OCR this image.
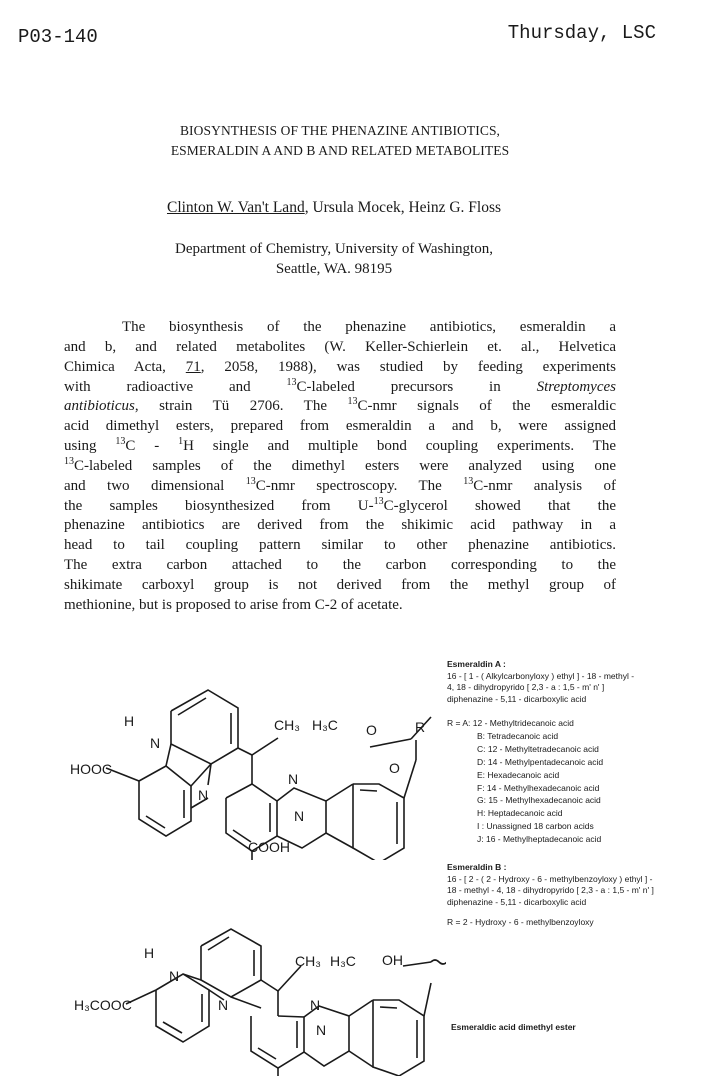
P03-140	Thursday, LSC
BIOSYNTHESIS OF THE PHENAZINE ANTIBIOTICS,
ESMERALDIN A AND B AND RELATED METABOLITES
Clinton W. Van't Land, Ursula Mocek, Heinz G. Floss
Department of Chemistry, University of Washington,
Seattle, WA. 98195
The biosynthesis of the phenazine antibiotics, esmeraldin a
and b, and related metabolites (W. Keller-Schierlein et. al., Helvetica
Chimica Acta, 71, 2058, 1988), was studied by feeding experiments
with radioactive and $^{13}$C-labeled precursors in Streptomyces
antibioticus, strain Tü 2706. The $^{13}$C-nmr signals of the esmeraldic
acid dimethyl esters, prepared from esmeraldin a and b, were assigned
using $^{13}$C - $^1$H single and multiple bond coupling experiments. The
$^{13}$C-labeled samples of the dimethyl esters were analyzed using one
and two dimensional $^{13}$C-nmr spectroscopy. The $^{13}$C-nmr analysis of
the samples biosynthesized from U-$^{13}$C-glycerol showed that the
phenazine antibiotics are derived from the shikimic acid pathway in a
head to tail coupling pattern similar to other phenazine antibiotics.
The extra carbon attached to the carbon corresponding to the
shikimate carboxyl group is not derived from the methyl group of
methionine, but is proposed to arise from C-2 of acetate.
Esmeraldin A :
16 - [ 1 - ( Alkylcarbonyloxy ) ethyl ] - 18 - methyl -
4, 18 - dihydropyrido [ 2,3 - a : 1,5 - m' n' ]
diphenazine - 5,11 - dicarboxylic acid
R = A: 12 - Methyltridecanoic acid
B: Tetradecanoic acid
C: 12 - Methyltetradecanoic acid
D: 14 - Methylpentadecanoic acid
E: Hexadecanoic acid
F: 14 - Methylhexadecanoic acid
G: 15 - Methylhexadecanoic acid
H: Heptadecanoic acid
I : Unassigned 18 carbon acids
J: 16 - Methylheptadecanoic acid
Esmeraldin B :
16 - [ 2 - ( 2 - Hydroxy - 6 - methylbenzoyloxy ) ethyl ] -
18 - methyl - 4, 18 - dihydropyrido [ 2,3 - a : 1,5 - m' n' ]
diphenazine - 5,11 - dicarboxylic acid
R = 2 - Hydroxy - 6 - methylbenzoyloxy
Esmeraldic acid dimethyl ester
H
N
N
N
N
HOOC
COOH
CH₃ H₃C O
O
R
H
N
N	N
N
H₃COOC
CH₃ H₃C OH
